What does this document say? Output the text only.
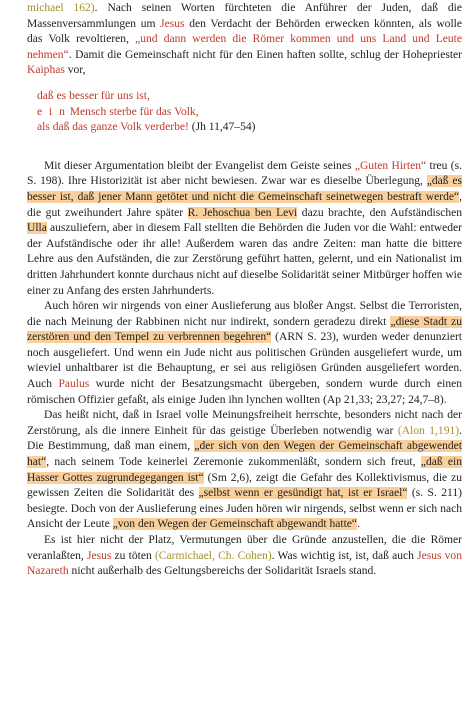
michael 162). Nach seinen Worten fürchteten die Anführer der Juden, daß die Massenversammlungen um Jesus den Verdacht der Behörden erwecken könnten, als wolle das Volk revoltieren, „und dann werden die Römer kommen und uns Land und Leute nehmen“. Damit die Gemeinschaft nicht für den Einen haften sollte, schlug der Hohepriester Kaiphas vor,

daß es besser für uns ist,
e i n Mensch sterbe für das Volk,
als daß das ganze Volk verderbe! (Jh 11,47–54)

Mit dieser Argumentation bleibt der Evangelist dem Geiste seines „Guten Hirten“ treu (s. S. 198). Ihre Historizität ist aber nicht bewiesen. Zwar war es dieselbe Überlegung, „daß es besser ist, daß jener Mann getötet und nicht die Gemeinschaft seinetwegen bestraft werde“, die gut zweihundert Jahre später R. Jehoschua ben Levi dazu brachte, den Aufständischen Ulla auszuliefern, aber in diesem Fall stellten die Behörden die Juden vor die Wahl: entweder der Aufständische oder ihr alle! Außerdem waren das andre Zeiten: man hatte die bittere Lehre aus den Aufständen, die zur Zerstörung geführt hatten, gelernt, und ein Nationalist im dritten Jahrhundert konnte durchaus nicht auf dieselbe Solidarität seiner Mitbürger hoffen wie einer zu Anfang des ersten Jahrhunderts.

Auch hören wir nirgends von einer Auslieferung aus bloßer Angst. Selbst die Terroristen, die nach Meinung der Rabbinen nicht nur indirekt, sondern geradezu direkt „diese Stadt zu zerstören und den Tempel zu verbrennen begehren“ (ARN S. 23), wurden weder denunziert noch ausgeliefert. Und wenn ein Jude nicht aus politischen Gründen ausgeliefert wurde, um wieviel unhaltbarer ist die Behauptung, er sei aus religiösen Gründen ausgeliefert worden. Auch Paulus wurde nicht der Besatzungsmacht übergeben, sondern wurde durch einen römischen Offizier gefaßt, als einige Juden ihn lynchen wollten (Ap 21,33; 23,27; 24,7–8).

Das heißt nicht, daß in Israel volle Meinungsfreiheit herrschte, besonders nicht nach der Zerstörung, als die innere Einheit für das geistige Überleben notwendig war (Alon 1,191). Die Bestimmung, daß man einem, „der sich von den Wegen der Gemeinschaft abgewendet hat“, nach seinem Tode keinerlei Zeremonie zukommenläßt, sondern sich freut, „daß ein Hasser Gottes zugrundegegangen ist“ (Sm 2,6), zeigt die Gefahr des Kollektivismus, die zu gewissen Zeiten die Solidarität des „selbst wenn er gesündigt hat, ist er Israel“ (s. S. 211) besiegte. Doch von der Auslieferung eines Juden hören wir nirgends, selbst wenn er sich nach Ansicht der Leute „von den Wegen der Gemeinschaft abgewandt hatte“.

Es ist hier nicht der Platz, Vermutungen über die Gründe anzustellen, die die Römer veranlaßten, Jesus zu töten (Carmichael, Ch. Cohen). Was wichtig ist, ist, daß auch Jesus von Nazareth nicht außerhalb des Geltungsbereichs der Solidarität Israels stand.
